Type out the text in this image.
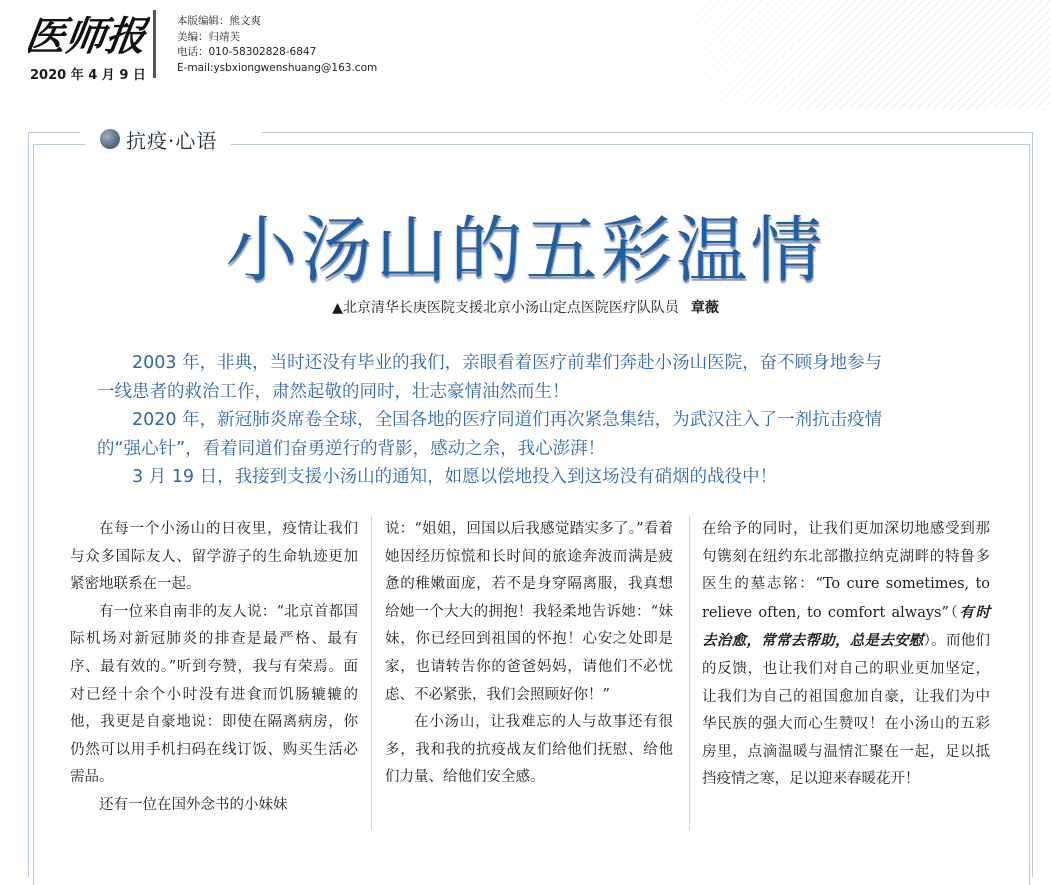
医师报
2020 年 4 月 9 日
本版编辑：熊文爽
美编：归靖芙
电话：010-58302828-6847
E-mail:ysbxiongwenshuang@163.com
抗疫·心语
小汤山的五彩温情
▲北京清华长庚医院支援北京小汤山定点医院医疗队队员 章薇

2003 年，非典，当时还没有毕业的我们，亲眼看着医疗前辈们奔赴小汤山医院，奋不顾身地参与

一线患者的救治工作，肃然起敬的同时，壮志豪情油然而生！

2020 年，新冠肺炎席卷全球，全国各地的医疗同道们再次紧急集结，为武汉注入了一剂抗击疫情

的“强心针”，看着同道们奋勇逆行的背影，感动之余，我心澎湃！

3 月 19 日，我接到支援小汤山的通知，如愿以偿地投入到这场没有硝烟的战役中！

在每一个小汤山的日夜里，疫情让我们与众多国际友人、留学游子的生命轨迹更加紧密地联系在一起。

有一位来自南非的友人说：“北京首都国际机场对新冠肺炎的排查是最严格、最有序、最有效的。”听到夸赞，我与有荣焉。面对已经十余个小时没有进食而饥肠辘辘的他，我更是自豪地说：即使在隔离病房，你仍然可以用手机扫码在线订饭、购买生活必需品。

还有一位在国外念书的小妹妹

说：“姐姐，回国以后我感觉踏实多了。”看着她因经历惊慌和长时间的旅途奔波而满是疲惫的稚嫩面庞，若不是身穿隔离服，我真想给她一个大大的拥抱！我轻柔地告诉她：“妹妹，你已经回到祖国的怀抱！心安之处即是家，也请转告你的爸爸妈妈，请他们不必忧虑、不必紧张，我们会照顾好你！”

在小汤山，让我难忘的人与故事还有很多，我和我的抗疫战友们给他们抚慰、给他们力量、给他们安全感。

在给予的同时，让我们更加深切地感受到那句镌刻在纽约东北部撒拉纳克湖畔的特鲁多医生的墓志铭：“To cure sometimes, to relieve often, to comfort always”（有时去治愈，常常去帮助，总是去安慰）。而他们的反馈，也让我们对自己的职业更加坚定，让我们为自己的祖国愈加自豪，让我们为中华民族的强大而心生赞叹！在小汤山的五彩房里，点滴温暖与温情汇聚在一起，足以抵挡疫情之寒，足以迎来春暖花开！
